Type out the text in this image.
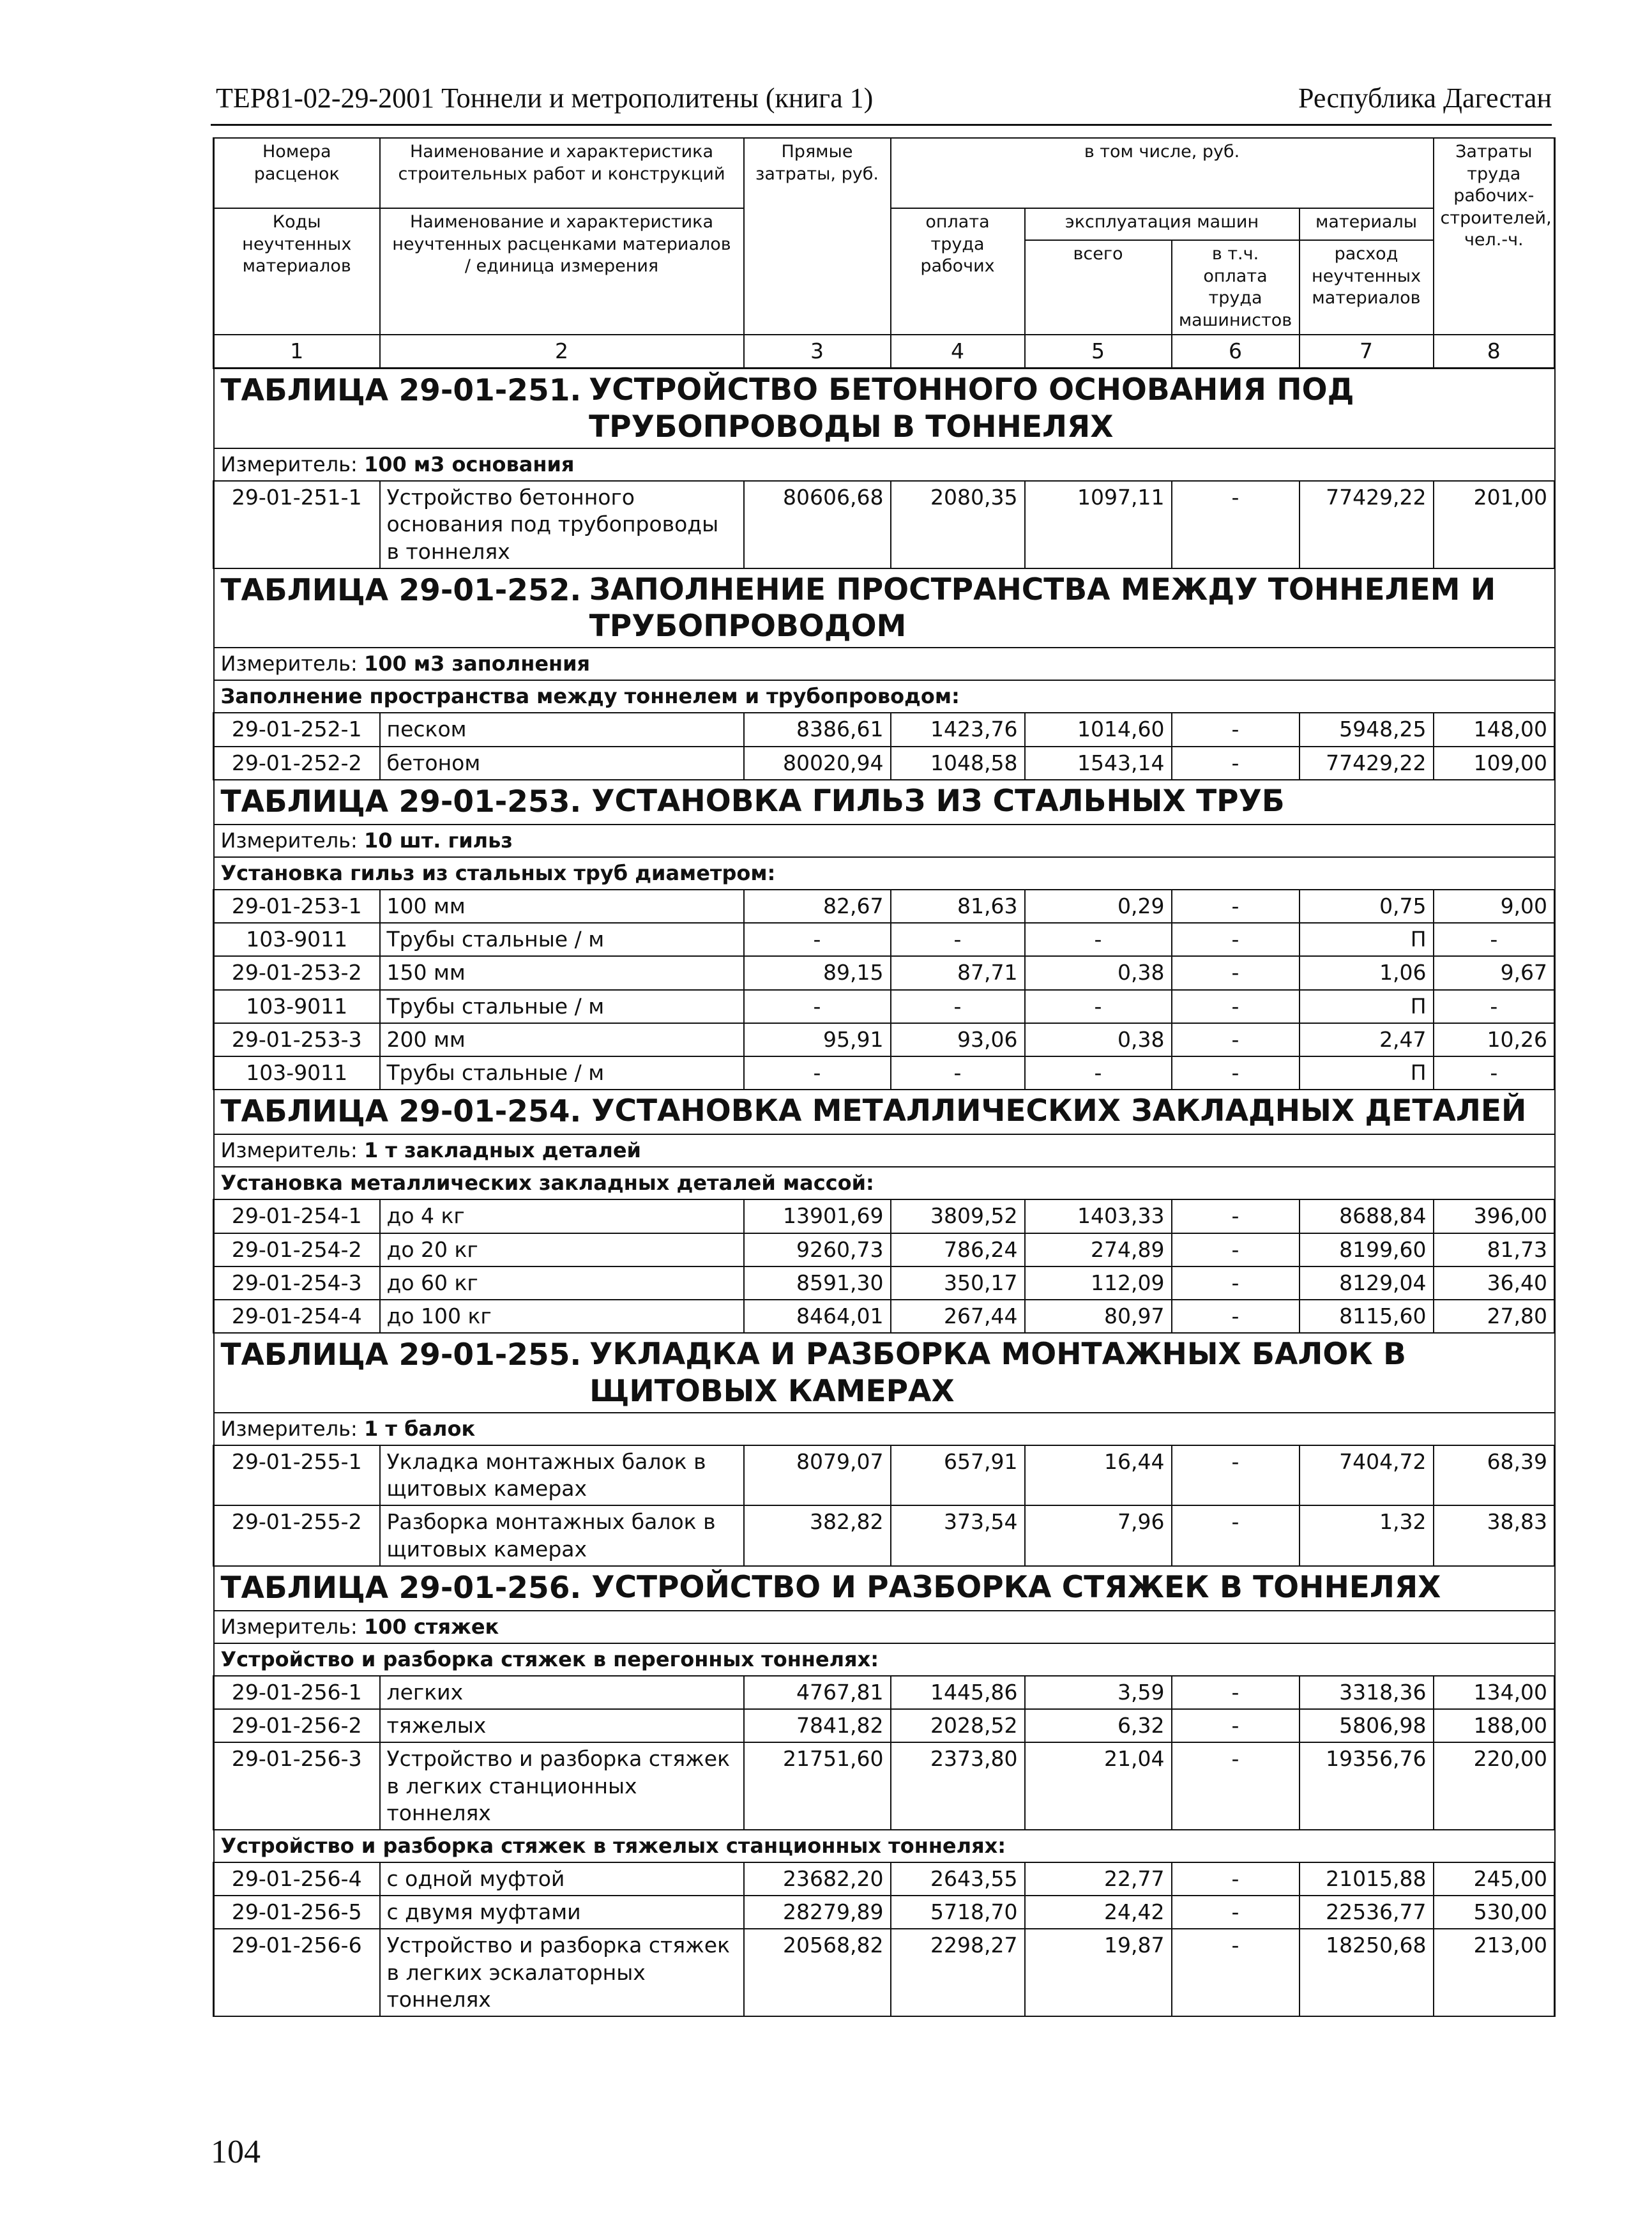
ТЕР81-02-29-2001 Тоннели и метрополитены (книга 1)	Республика Дагестан
Номера расценок	Наименование и характеристика строительных работ и конструкций	Прямые затраты, руб.	в том числе, руб.				Затраты труда рабочих-строителей, чел.-ч.
Коды неучтенных материалов	Наименование и характеристика неучтенных расценками материалов / единица измерения		оплата труда рабочих	эксплуатация машин		материалы	
				всего	в т.ч. оплата труда машинистов	расход неучтенных материалов	

1	2	3	4	5	6	7	8

ТАБЛИЦА 29-01-251. УСТРОЙСТВО БЕТОННОГО ОСНОВАНИЯ ПОД ТРУБОПРОВОДЫ В ТОННЕЛЯХ							

Измеритель: 100 м3 основания							
29-01-251-1	Устройство бетонного основания под трубопроводы в тоннелях	80606,68	2080,35	1097,11	-	77429,22	201,00

ТАБЛИЦА 29-01-252. ЗАПОЛНЕНИЕ ПРОСТРАНСТВА МЕЖДУ ТОННЕЛЕМ И ТРУБОПРОВОДОМ							

Измеритель: 100 м3 заполнения							
Заполнение пространства между тоннелем и трубопроводом:							
29-01-252-1	песком	8386,61	1423,76	1014,60	-	5948,25	148,00
29-01-252-2	бетоном	80020,94	1048,58	1543,14	-	77429,22	109,00

ТАБЛИЦА 29-01-253. УСТАНОВКА ГИЛЬЗ ИЗ СТАЛЬНЫХ ТРУБ							

Измеритель: 10 шт. гильз							
Установка гильз из стальных труб диаметром:							
29-01-253-1	100 мм	82,67	81,63	0,29	-	0,75	9,00
103-9011	Трубы стальные / м	-	-	-	-	П	-
29-01-253-2	150 мм	89,15	87,71	0,38	-	1,06	9,67
103-9011	Трубы стальные / м	-	-	-	-	П	-
29-01-253-3	200 мм	95,91	93,06	0,38	-	2,47	10,26
103-9011	Трубы стальные / м	-	-	-	-	П	-

ТАБЛИЦА 29-01-254. УСТАНОВКА МЕТАЛЛИЧЕСКИХ ЗАКЛАДНЫХ ДЕТАЛЕЙ							

Измеритель: 1 т закладных деталей							
Установка металлических закладных деталей массой:							
29-01-254-1	до 4 кг	13901,69	3809,52	1403,33	-	8688,84	396,00
29-01-254-2	до 20 кг	9260,73	786,24	274,89	-	8199,60	81,73
29-01-254-3	до 60 кг	8591,30	350,17	112,09	-	8129,04	36,40
29-01-254-4	до 100 кг	8464,01	267,44	80,97	-	8115,60	27,80

ТАБЛИЦА 29-01-255. УКЛАДКА И РАЗБОРКА МОНТАЖНЫХ БАЛОК В ЩИТОВЫХ КАМЕРАХ							

Измеритель: 1 т балок							
29-01-255-1	Укладка монтажных балок в щитовых камерах	8079,07	657,91	16,44	-	7404,72	68,39
29-01-255-2	Разборка монтажных балок в щитовых камерах	382,82	373,54	7,96	-	1,32	38,83

ТАБЛИЦА 29-01-256. УСТРОЙСТВО И РАЗБОРКА СТЯЖЕК В ТОННЕЛЯХ							

Измеритель: 100 стяжек							
Устройство и разборка стяжек в перегонных тоннелях:							
29-01-256-1	легких	4767,81	1445,86	3,59	-	3318,36	134,00
29-01-256-2	тяжелых	7841,82	2028,52	6,32	-	5806,98	188,00
29-01-256-3	Устройство и разборка стяжек в легких станционных тоннелях	21751,60	2373,80	21,04	-	19356,76	220,00
Устройство и разборка стяжек в тяжелых станционных тоннелях:							
29-01-256-4	с одной муфтой	23682,20	2643,55	22,77	-	21015,88	245,00
29-01-256-5	с двумя муфтами	28279,89	5718,70	24,42	-	22536,77	530,00
29-01-256-6	Устройство и разборка стяжек в легких эскалаторных тоннелях	20568,82	2298,27	19,87	-	18250,68	213,00
104
